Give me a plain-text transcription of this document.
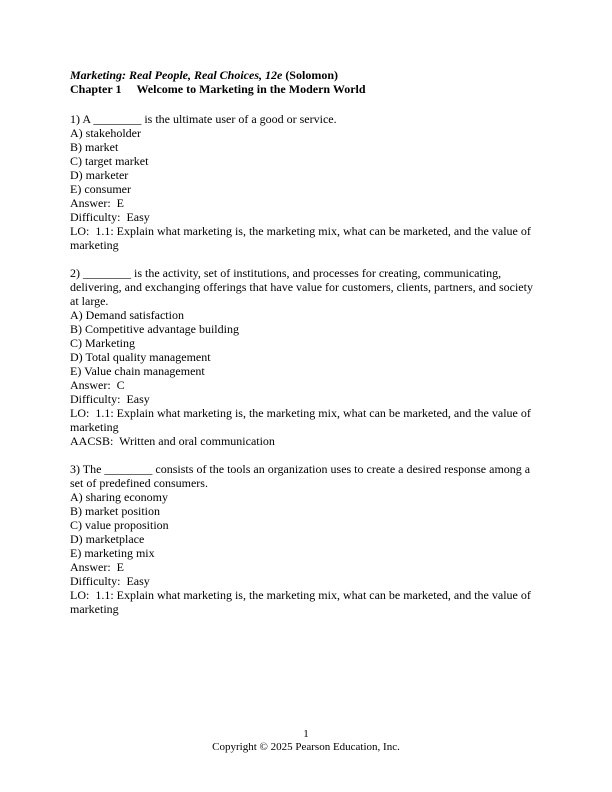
Marketing: Real People, Real Choices, 12e (Solomon)

Chapter 1 Welcome to Marketing in the Modern World

1) A ________ is the ultimate user of a good or service.

A) stakeholder

B) market

C) target market

D) marketer

E) consumer

Answer:  E

Difficulty:  Easy

LO:  1.1: Explain what marketing is, the marketing mix, what can be marketed, and the value of marketing

2) ________ is the activity, set of institutions, and processes for creating, communicating, delivering, and exchanging offerings that have value for customers, clients, partners, and society at large.

A) Demand satisfaction

B) Competitive advantage building

C) Marketing

D) Total quality management

E) Value chain management

Answer:  C

Difficulty:  Easy

LO:  1.1: Explain what marketing is, the marketing mix, what can be marketed, and the value of marketing

AACSB:  Written and oral communication

3) The ________ consists of the tools an organization uses to create a desired response among a set of predefined consumers.

A) sharing economy

B) market position

C) value proposition

D) marketplace

E) marketing mix

Answer:  E

Difficulty:  Easy

LO:  1.1: Explain what marketing is, the marketing mix, what can be marketed, and the value of marketing

1
Copyright © 2025 Pearson Education, Inc.
